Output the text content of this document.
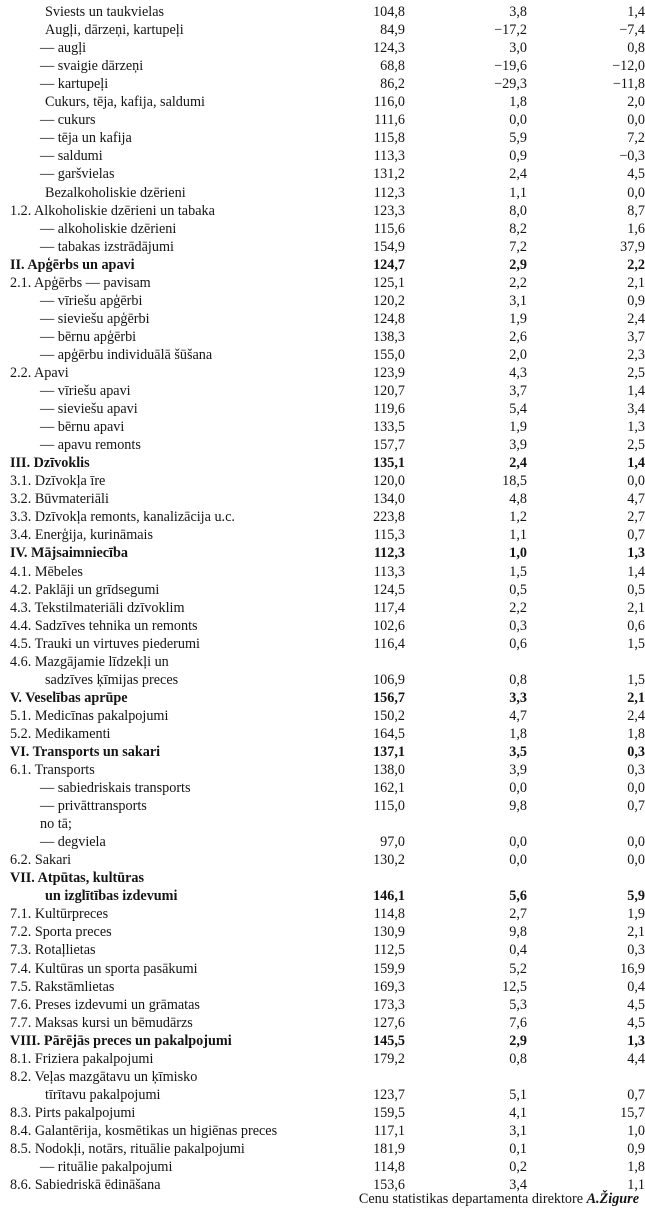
Sviests un taukvielas	104,8	3,8	1,4
Augļi, dārzeņi, kartupeļi	84,9	−17,2	−7,4
— augļi	124,3	3,0	0,8
— svaigie dārzeņi	68,8	−19,6	−12,0
— kartupeļi	86,2	−29,3	−11,8
Cukurs, tēja, kafija, saldumi	116,0	1,8	2,0
— cukurs	111,6	0,0	0,0
— tēja un kafija	115,8	5,9	7,2
— saldumi	113,3	0,9	−0,3
— garšvielas	131,2	2,4	4,5
Bezalkoholiskie dzērieni	112,3	1,1	0,0
1.2. Alkoholiskie dzērieni un tabaka	123,3	8,0	8,7
— alkoholiskie dzērieni	115,6	8,2	1,6
— tabakas izstrādājumi	154,9	7,2	37,9
II. Apģērbs un apavi	124,7	2,9	2,2
2.1. Apģērbs — pavisam	125,1	2,2	2,1
— vīriešu apģērbi	120,2	3,1	0,9
— sieviešu apģērbi	124,8	1,9	2,4
— bērnu apģērbi	138,3	2,6	3,7
— apģērbu individuālā šūšana	155,0	2,0	2,3
2.2. Apavi	123,9	4,3	2,5
— vīriešu apavi	120,7	3,7	1,4
— sieviešu apavi	119,6	5,4	3,4
— bērnu apavi	133,5	1,9	1,3
— apavu remonts	157,7	3,9	2,5
III. Dzīvoklis	135,1	2,4	1,4
3.1. Dzīvokļa īre	120,0	18,5	0,0
3.2. Būvmateriāli	134,0	4,8	4,7
3.3. Dzīvokļa remonts, kanalizācija u.c.	223,8	1,2	2,7
3.4. Enerģija, kurināmais	115,3	1,1	0,7
IV. Mājsaimniecība	112,3	1,0	1,3
4.1. Mēbeles	113,3	1,5	1,4
4.2. Paklāji un grīdsegumi	124,5	0,5	0,5
4.3. Tekstilmateriāli dzīvoklim	117,4	2,2	2,1
4.4. Sadzīves tehnika un remonts	102,6	0,3	0,6
4.5. Trauki un virtuves piederumi	116,4	0,6	1,5
4.6. Mazgājamie līdzekļi un			
sadzīves ķīmijas preces	106,9	0,8	1,5
V. Veselības aprūpe	156,7	3,3	2,1
5.1. Medicīnas pakalpojumi	150,2	4,7	2,4
5.2. Medikamenti	164,5	1,8	1,8
VI. Transports un sakari	137,1	3,5	0,3
6.1. Transports	138,0	3,9	0,3
— sabiedriskais transports	162,1	0,0	0,0
— privāttransports	115,0	9,8	0,7
no tā;			
— degviela	97,0	0,0	0,0
6.2. Sakari	130,2	0,0	0,0
VII. Atpūtas, kultūras			
un izglītības izdevumi	146,1	5,6	5,9
7.1. Kultūrpreces	114,8	2,7	1,9
7.2. Sporta preces	130,9	9,8	2,1
7.3. Rotaļlietas	112,5	0,4	0,3
7.4. Kultūras un sporta pasākumi	159,9	5,2	16,9
7.5. Rakstāmlietas	169,3	12,5	0,4
7.6. Preses izdevumi un grāmatas	173,3	5,3	4,5
7.7. Maksas kursi un bēmudārzs	127,6	7,6	4,5
VIII. Pārējās preces un pakalpojumi	145,5	2,9	1,3
8.1. Friziera pakalpojumi	179,2	0,8	4,4
8.2. Veļas mazgātavu un ķīmisko			
tīrītavu pakalpojumi	123,7	5,1	0,7
8.3. Pirts pakalpojumi	159,5	4,1	15,7
8.4. Galantērija, kosmētikas un higiēnas preces	117,1	3,1	1,0
8.5. Nodokļi, notārs, rituālie pakalpojumi	181,9	0,1	0,9
— rituālie pakalpojumi	114,8	0,2	1,8
8.6. Sabiedriskā ēdināšana	153,6	3,4	1,1
Cenu statistikas departamenta direktore A.Žigure
